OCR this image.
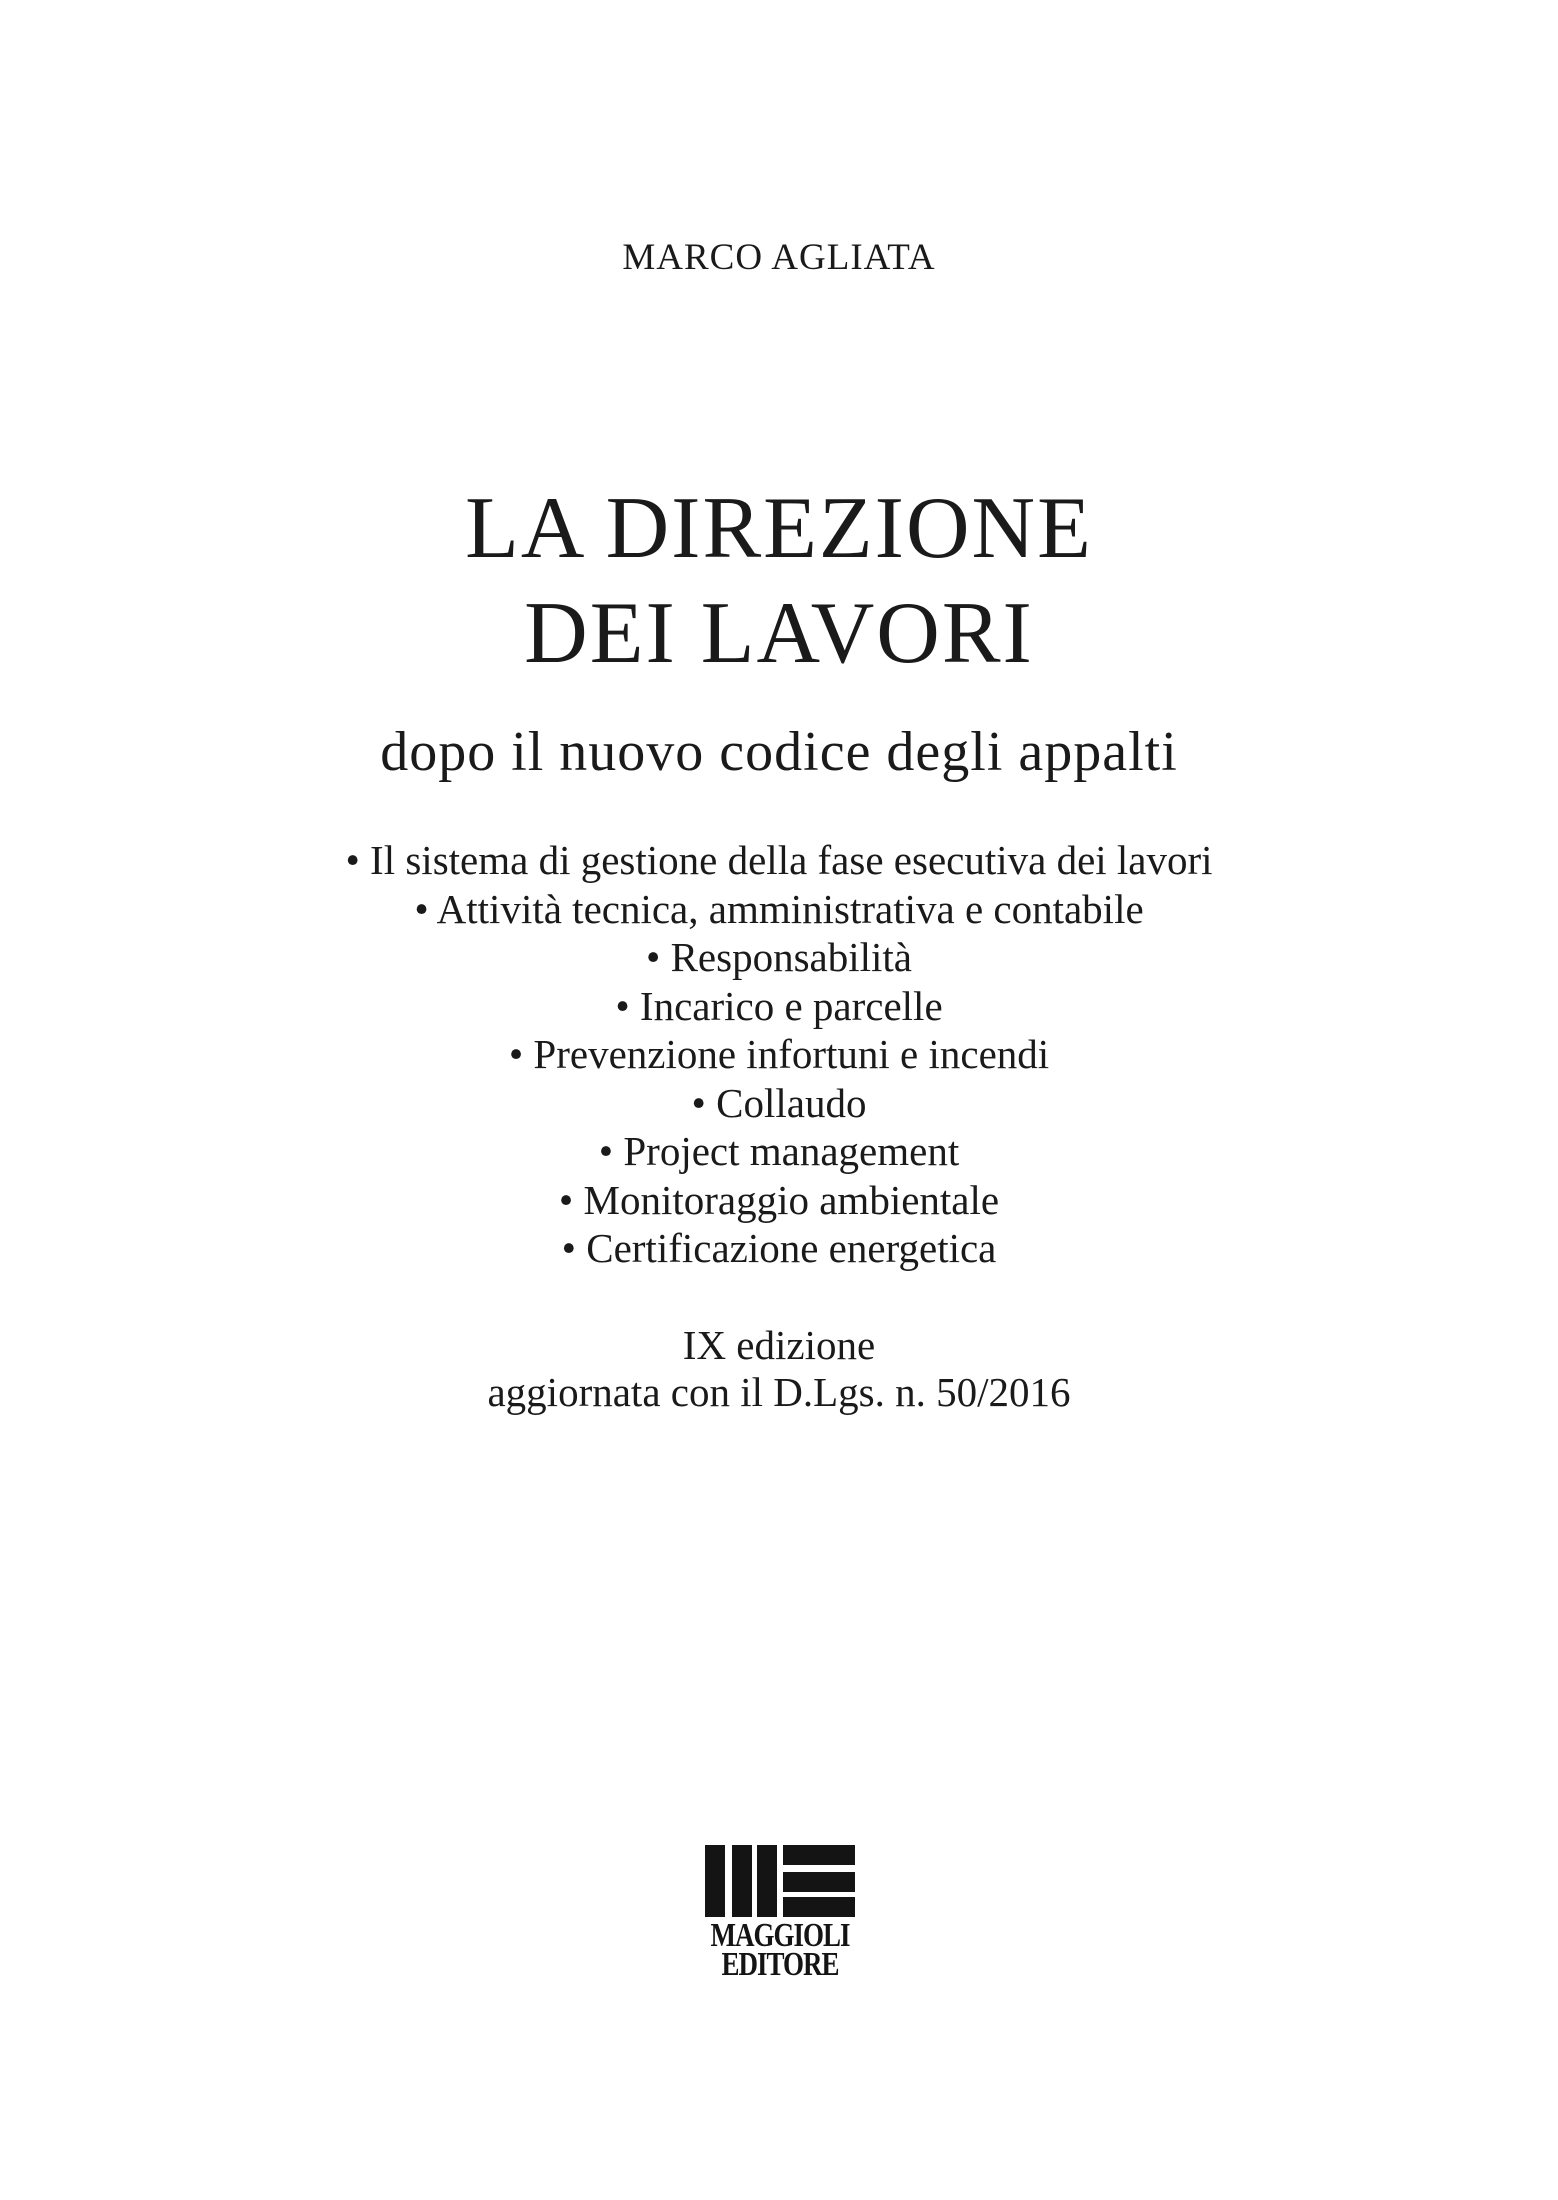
MARCO AGLIATA
LA DIREZIONE
DEI LAVORI
dopo il nuovo codice degli appalti
• Il sistema di gestione della fase esecutiva dei lavori
• Attività tecnica, amministrativa e contabile
• Responsabilità
• Incarico e parcelle
• Prevenzione infortuni e incendi
• Collaudo
• Project management
• Monitoraggio ambientale
• Certificazione energetica
IX edizione
aggiornata con il D.Lgs. n. 50/2016
MAGGIOLI
EDITORE
